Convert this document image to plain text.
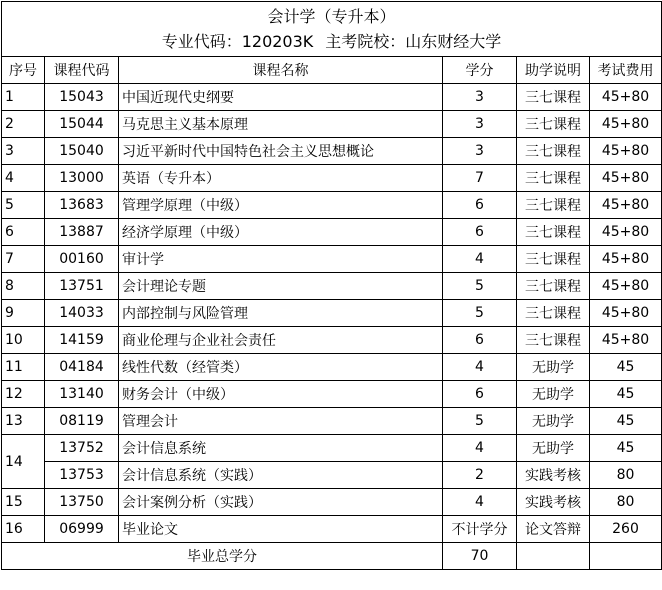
会计学（专升本）
专业代码：120203K 主考院校：山东财经大学					

序号	课程代码	课程名称	学分	助学说明	考试费用
1	15043	中国近现代史纲要	3	三七课程	45+80
2	15044	马克思主义基本原理	3	三七课程	45+80
3	15040	习近平新时代中国特色社会主义思想概论	3	三七课程	45+80
4	13000	英语（专升本）	7	三七课程	45+80
5	13683	管理学原理（中级）	6	三七课程	45+80
6	13887	经济学原理（中级）	6	三七课程	45+80
7	00160	审计学	4	三七课程	45+80
8	13751	会计理论专题	5	三七课程	45+80
9	14033	内部控制与风险管理	5	三七课程	45+80
10	14159	商业伦理与企业社会责任	6	三七课程	45+80
11	04184	线性代数（经管类）	4	无助学	45
12	13140	财务会计（中级）	6	无助学	45
13	08119	管理会计	5	无助学	45
14	13752	会计信息系统	4	无助学	45
	13753	会计信息系统（实践）	2	实践考核	80
15	13750	会计案例分析（实践）	4	实践考核	80
16	06999	毕业论文	不计学分	论文答辩	260
毕业总学分			70		
